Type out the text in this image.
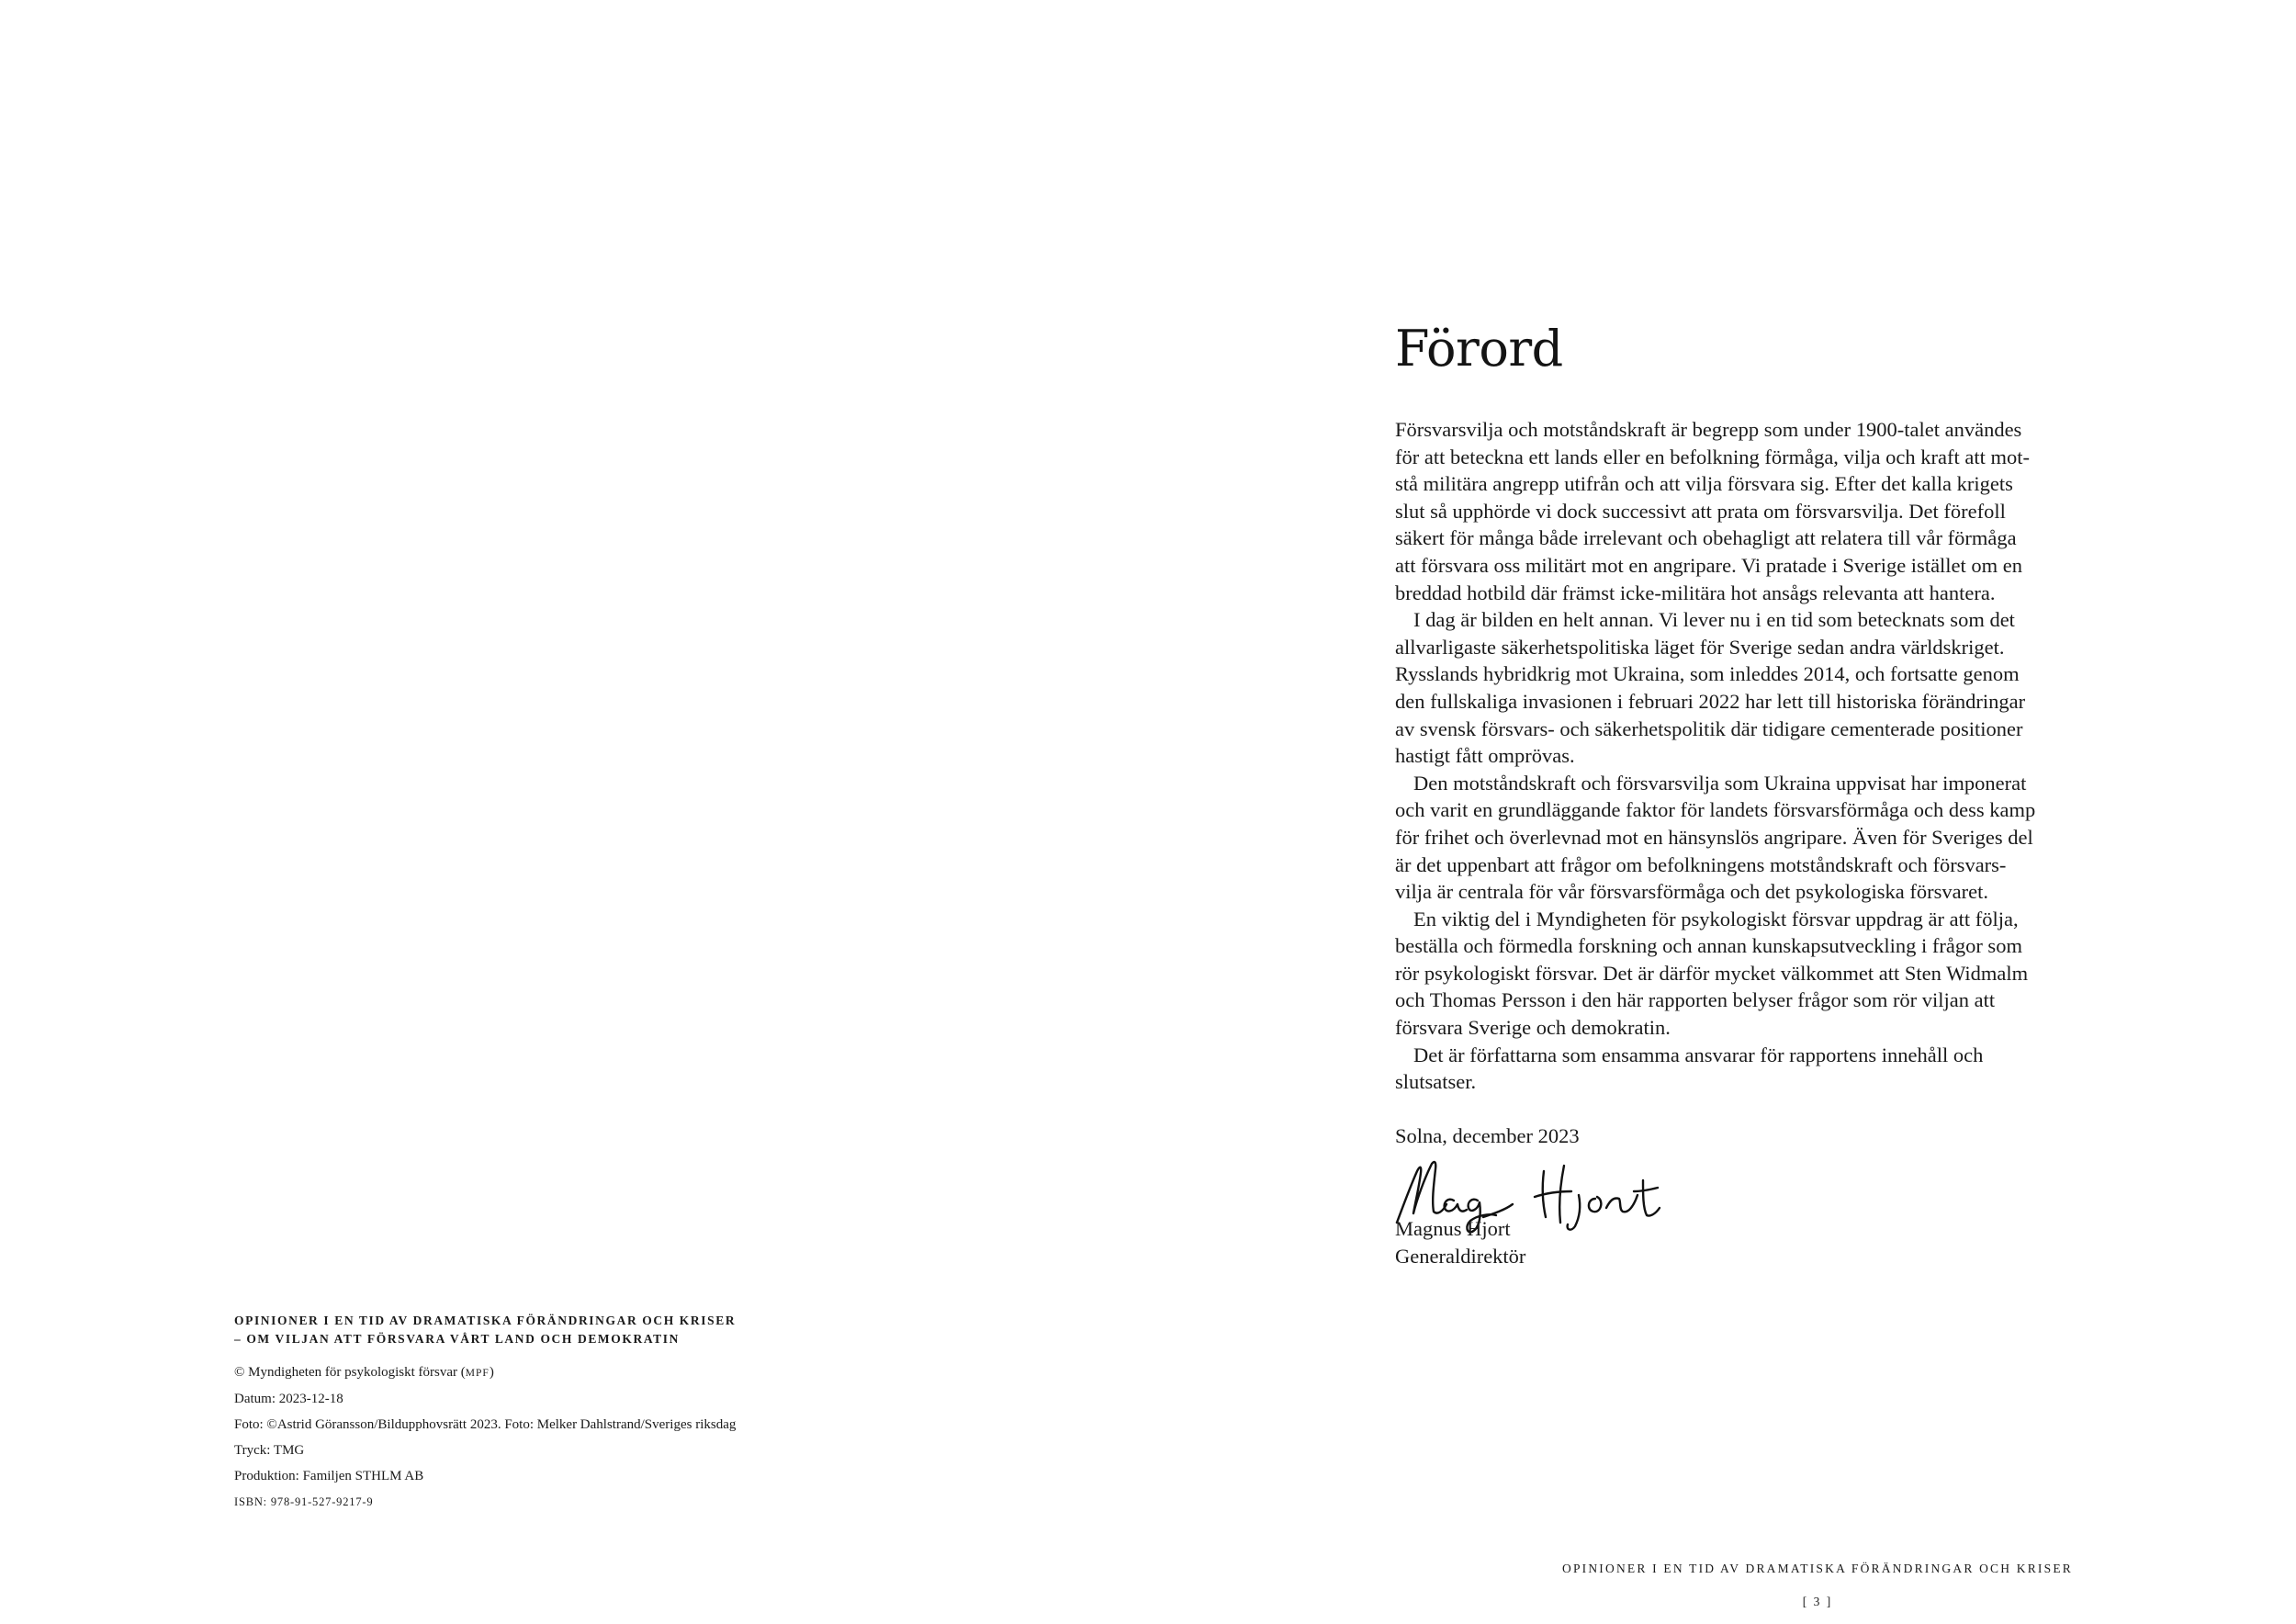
OPINIONER I EN TID AV DRAMATISKA FÖRÄNDRINGAR OCH KRISER

– OM VILJAN ATT FÖRSVARA VÅRT LAND OCH DEMOKRATIN

© Myndigheten för psykologiskt försvar (MPF)

Datum: 2023-12-18

Foto: ©Astrid Göransson/Bildupphovsrätt 2023. Foto: Melker Dahlstrand/Sveriges riksdag

Tryck: TMG

Produktion: Familjen STHLM AB

ISBN: 978-91-527-9217-9

Förord

Försvarsvilja och motståndskraft är begrepp som under 1900-talet användes
för att beteckna ett lands eller en befolkning förmåga, vilja och kraft att mot-
stå militära angrepp utifrån och att vilja försvara sig. Efter det kalla krigets
slut så upphörde vi dock successivt att prata om försvarsvilja. Det förefoll
säkert för många både irrelevant och obehagligt att relatera till vår förmåga
att försvara oss militärt mot en angripare. Vi pratade i Sverige istället om en
breddad hotbild där främst icke-militära hot ansågs relevanta att hantera.

I dag är bilden en helt annan. Vi lever nu i en tid som betecknats som det
allvarligaste säkerhetspolitiska läget för Sverige sedan andra världskriget.
Rysslands hybridkrig mot Ukraina, som inleddes 2014, och fortsatte genom
den fullskaliga invasionen i februari 2022 har lett till historiska förändringar
av svensk försvars- och säkerhetspolitik där tidigare cementerade positioner
hastigt fått omprövas.

Den motståndskraft och försvarsvilja som Ukraina uppvisat har imponerat
och varit en grundläggande faktor för landets försvarsförmåga och dess kamp
för frihet och överlevnad mot en hänsynslös angripare. Även för Sveriges del
är det uppenbart att frågor om befolkningens motståndskraft och försvars-
vilja är centrala för vår försvarsförmåga och det psykologiska försvaret.

En viktig del i Myndigheten för psykologiskt försvar uppdrag är att följa,
beställa och förmedla forskning och annan kunskapsutveckling i frågor som
rör psykologiskt försvar. Det är därför mycket välkommet att Sten Widmalm
och Thomas Persson i den här rapporten belyser frågor som rör viljan att
försvara Sverige och demokratin.

Det är författarna som ensamma ansvarar för rapportens innehåll och
slutsatser.

Solna, december 2023

Magnus Hjort
Generaldirektör

OPINIONER I EN TID AV DRAMATISKA FÖRÄNDRINGAR OCH KRISER

[ 3 ]
